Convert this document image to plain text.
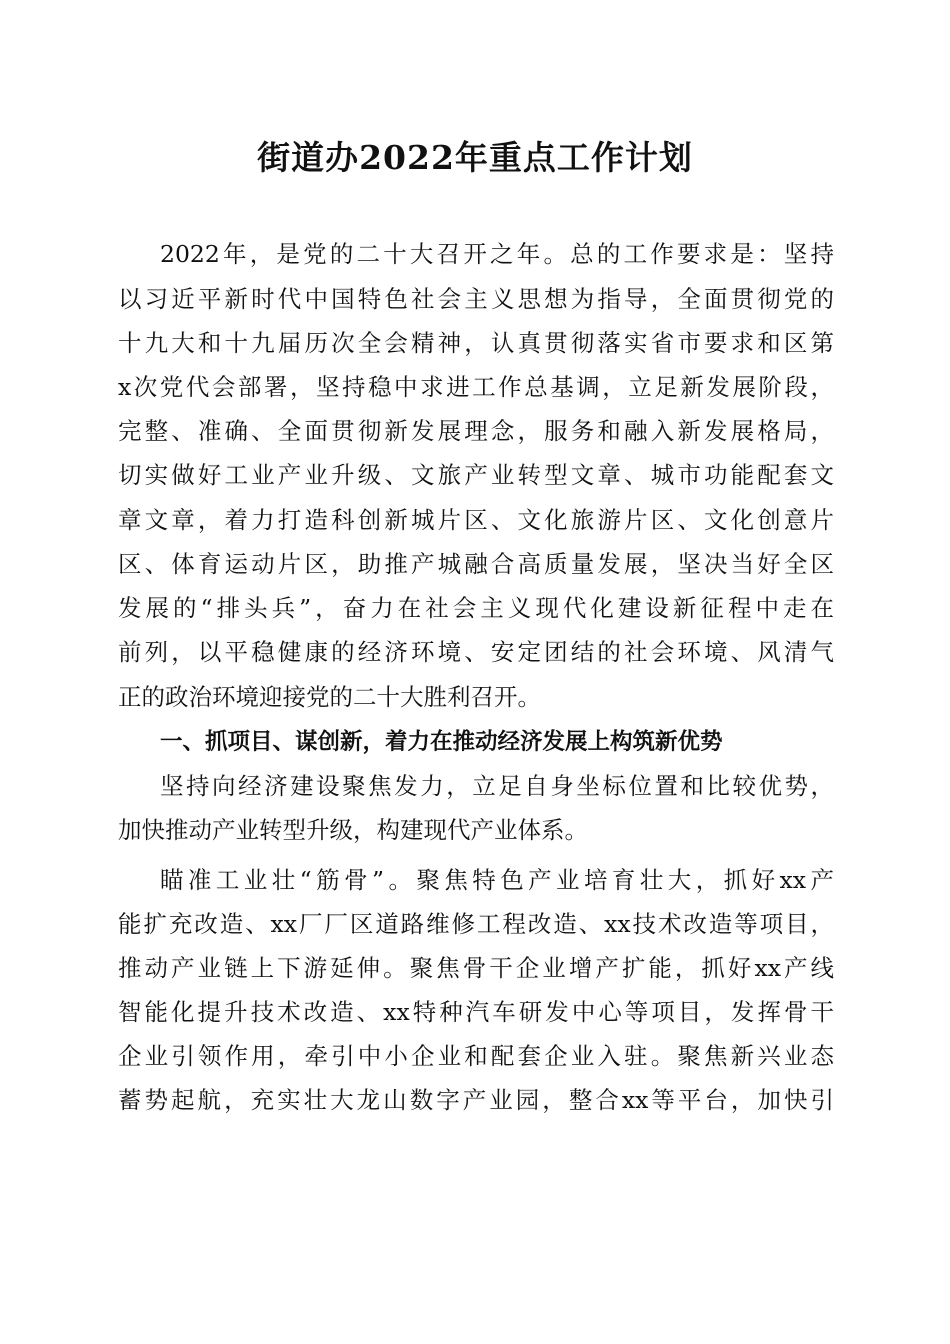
街道办2022年重点工作计划
2022年，是党的二十大召开之年。总的工作要求是：坚持
以习近平新时代中国特色社会主义思想为指导，全面贯彻党的
十九大和十九届历次全会精神，认真贯彻落实省市要求和区第
x次党代会部署，坚持稳中求进工作总基调，立足新发展阶段，
完整、准确、全面贯彻新发展理念，服务和融入新发展格局，
切实做好工业产业升级、文旅产业转型文章、城市功能配套文
章文章，着力打造科创新城片区、文化旅游片区、文化创意片
区、体育运动片区，助推产城融合高质量发展，坚决当好全区
发展的“排头兵”，奋力在社会主义现代化建设新征程中走在
前列，以平稳健康的经济环境、安定团结的社会环境、风清气
正的政治环境迎接党的二十大胜利召开。
一、抓项目、谋创新，着力在推动经济发展上构筑新优势
坚持向经济建设聚焦发力，立足自身坐标位置和比较优势，
加快推动产业转型升级，构建现代产业体系。
瞄准工业壮“筋骨”。聚焦特色产业培育壮大，抓好xx产
能扩充改造、xx厂厂区道路维修工程改造、xx技术改造等项目，
推动产业链上下游延伸。聚焦骨干企业增产扩能，抓好xx产线
智能化提升技术改造、xx特种汽车研发中心等项目，发挥骨干
企业引领作用，牵引中小企业和配套企业入驻。聚焦新兴业态
蓄势起航，充实壮大龙山数字产业园，整合xx等平台，加快引
